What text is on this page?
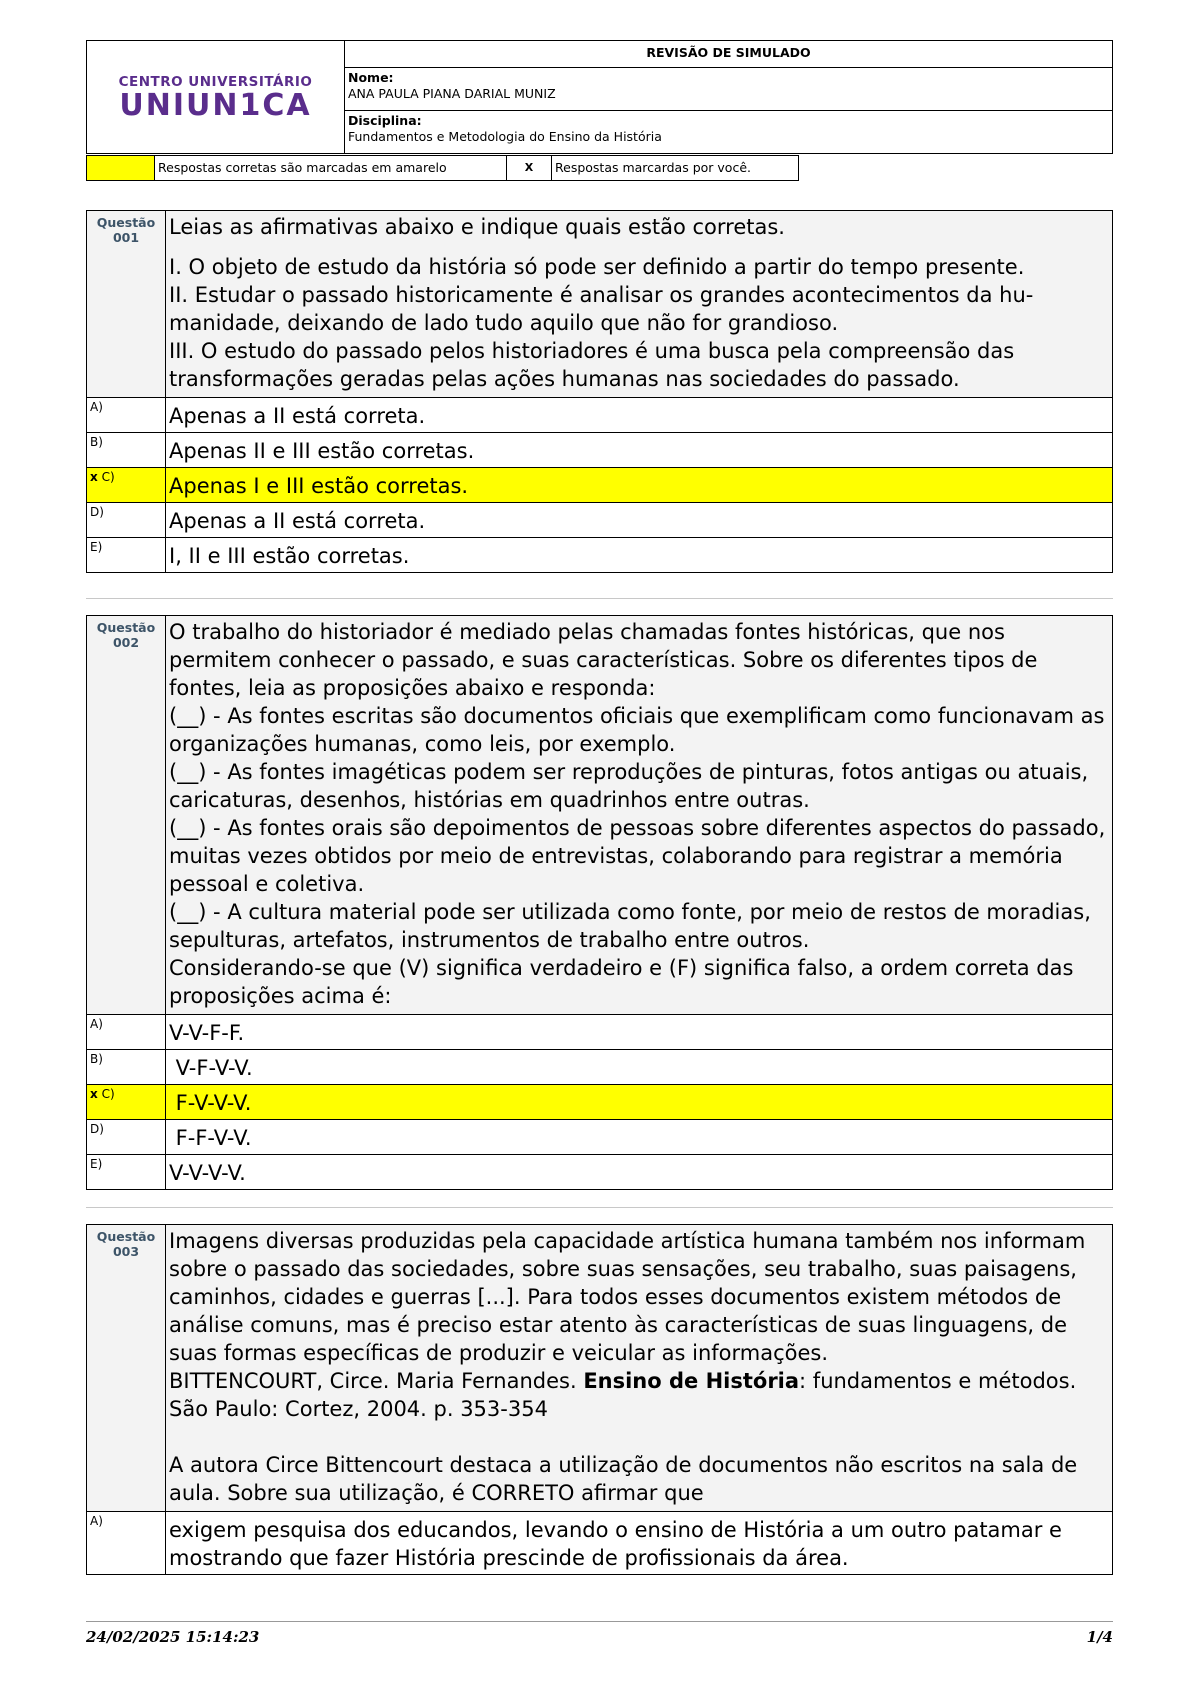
CENTRO UNIVERSITÁRIO
UNIUN1CA
REVISÃO DE SIMULADO
Nome:
ANA PAULA PIANA DARIAL MUNIZ
Disciplina:
Fundamentos e Metodologia do Ensino da História
Respostas corretas são marcadas em amarelo	X	Respostas marcardas por você.
Questão
001	Leias as afirmativas abaixo e indique quais estão corretas.

I. O objeto de estudo da história só pode ser definido a partir do tempo presente.

II. Estudar o passado historicamente é analisar os grandes acontecimentos da hu-manidade, deixando de lado tudo aquilo que não for grandioso.

III. O estudo do passado pelos historiadores é uma busca pela compreensão das transformações geradas pelas ações humanas nas sociedades do passado.

A)	Apenas a II está correta.
B)	Apenas II e III estão corretas.
x C)	Apenas I e III estão corretas.
D)	Apenas a II está correta.
E)	I, II e III estão corretas.
Questão
002	O trabalho do historiador é mediado pelas chamadas fontes históricas, que nos permitem conhecer o passado, e suas características. Sobre os diferentes tipos de fontes, leia as proposições abaixo e responda:

(__) - As fontes escritas são documentos oficiais que exemplificam como funcionavam as organizações humanas, como leis, por exemplo.

(__) - As fontes imagéticas podem ser reproduções de pinturas, fotos antigas ou atuais, caricaturas, desenhos, histórias em quadrinhos entre outras.

(__) - As fontes orais são depoimentos de pessoas sobre diferentes aspectos do passado, muitas vezes obtidos por meio de entrevistas, colaborando para registrar a memória pessoal e coletiva.

(__) - A cultura material pode ser utilizada como fonte, por meio de restos de moradias, sepulturas, artefatos, instrumentos de trabalho entre outros.

Considerando-se que (V) significa verdadeiro e (F) significa falso, a ordem correta das proposições acima é:

A)	V-V-F-F.
B)	V-F-V-V.
x C)	F-V-V-V.
D)	F-F-V-V.
E)	V-V-V-V.
Questão
003	Imagens diversas produzidas pela capacidade artística humana também nos informam sobre o passado das sociedades, sobre suas sensações, seu trabalho, suas paisagens, caminhos, cidades e guerras [...]. Para todos esses documentos existem métodos de análise comuns, mas é preciso estar atento às características de suas linguagens, de suas formas específicas de produzir e veicular as informações.

BITTENCOURT, Circe. Maria Fernandes. Ensino de História: fundamentos e métodos. São Paulo: Cortez, 2004. p. 353-354

A autora Circe Bittencourt destaca a utilização de documentos não escritos na sala de aula. Sobre sua utilização, é CORRETO afirmar que

A)	exigem pesquisa dos educandos, levando o ensino de História a um outro patamar e mostrando que fazer História prescinde de profissionais da área.
24/02/2025 15:14:23	1/4
